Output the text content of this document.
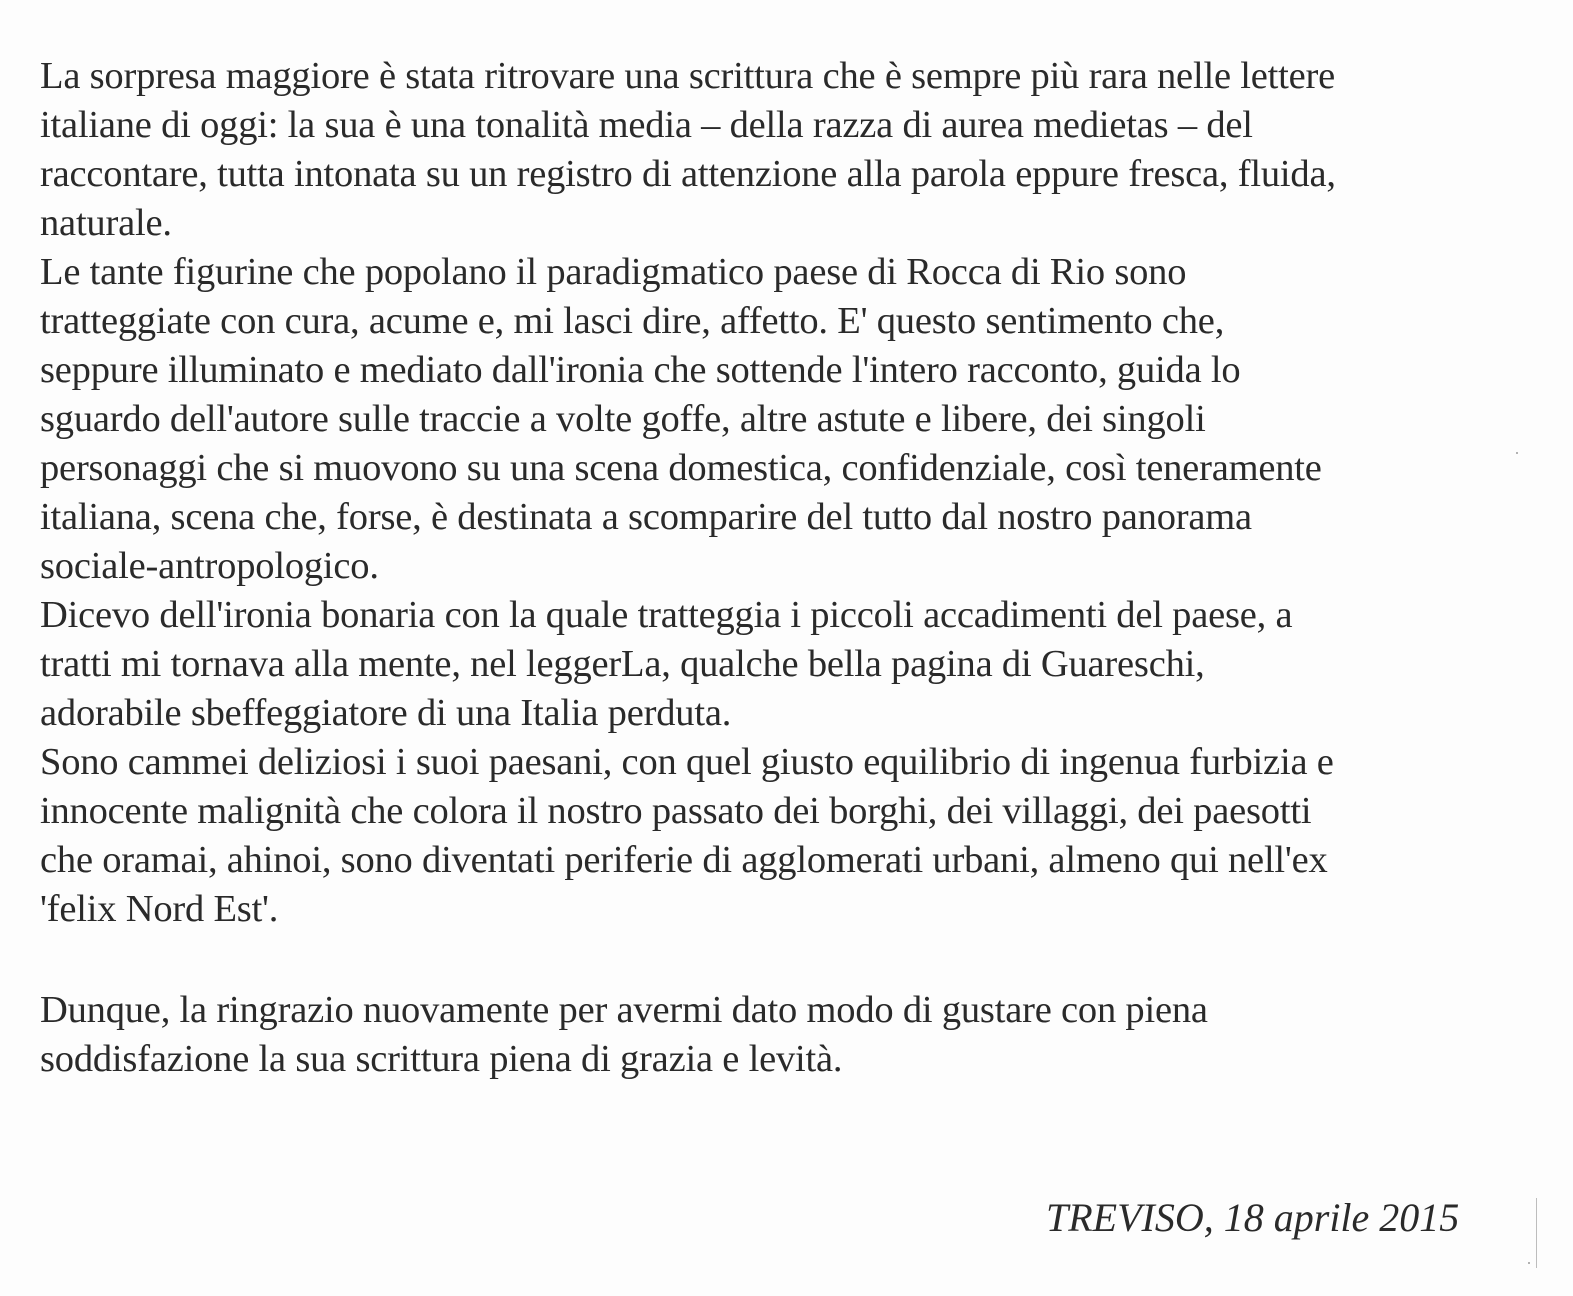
La sorpresa maggiore è stata ritrovare una scrittura che è sempre più rara nelle lettere
italiane di oggi: la sua è una tonalità media – della razza di aurea medietas – del
raccontare, tutta intonata su un registro di attenzione alla parola eppure fresca, fluida,
naturale.
Le tante figurine che popolano il paradigmatico paese di Rocca di Rio sono
tratteggiate con cura, acume e, mi lasci dire, affetto. E' questo sentimento che,
seppure illuminato e mediato dall'ironia che sottende l'intero racconto, guida lo
sguardo dell'autore sulle traccie a volte goffe, altre astute e libere, dei singoli
personaggi che si muovono su una scena domestica, confidenziale, così teneramente
italiana, scena che, forse, è destinata a scomparire del tutto dal nostro panorama
sociale-antropologico.
Dicevo dell'ironia bonaria con la quale tratteggia i piccoli accadimenti del paese, a
tratti mi tornava alla mente, nel leggerLa, qualche bella pagina di Guareschi,
adorabile sbeffeggiatore di una Italia perduta.
Sono cammei deliziosi i suoi paesani, con quel giusto equilibrio di ingenua furbizia e
innocente malignità che colora il nostro passato dei borghi, dei villaggi, dei paesotti
che oramai, ahinoi, sono diventati periferie di agglomerati urbani, almeno qui nell'ex
'felix Nord Est'.
Dunque, la ringrazio nuovamente per avermi dato modo di gustare con piena
soddisfazione la sua scrittura piena di grazia e levità.
TREVISO, 18 aprile 2015
